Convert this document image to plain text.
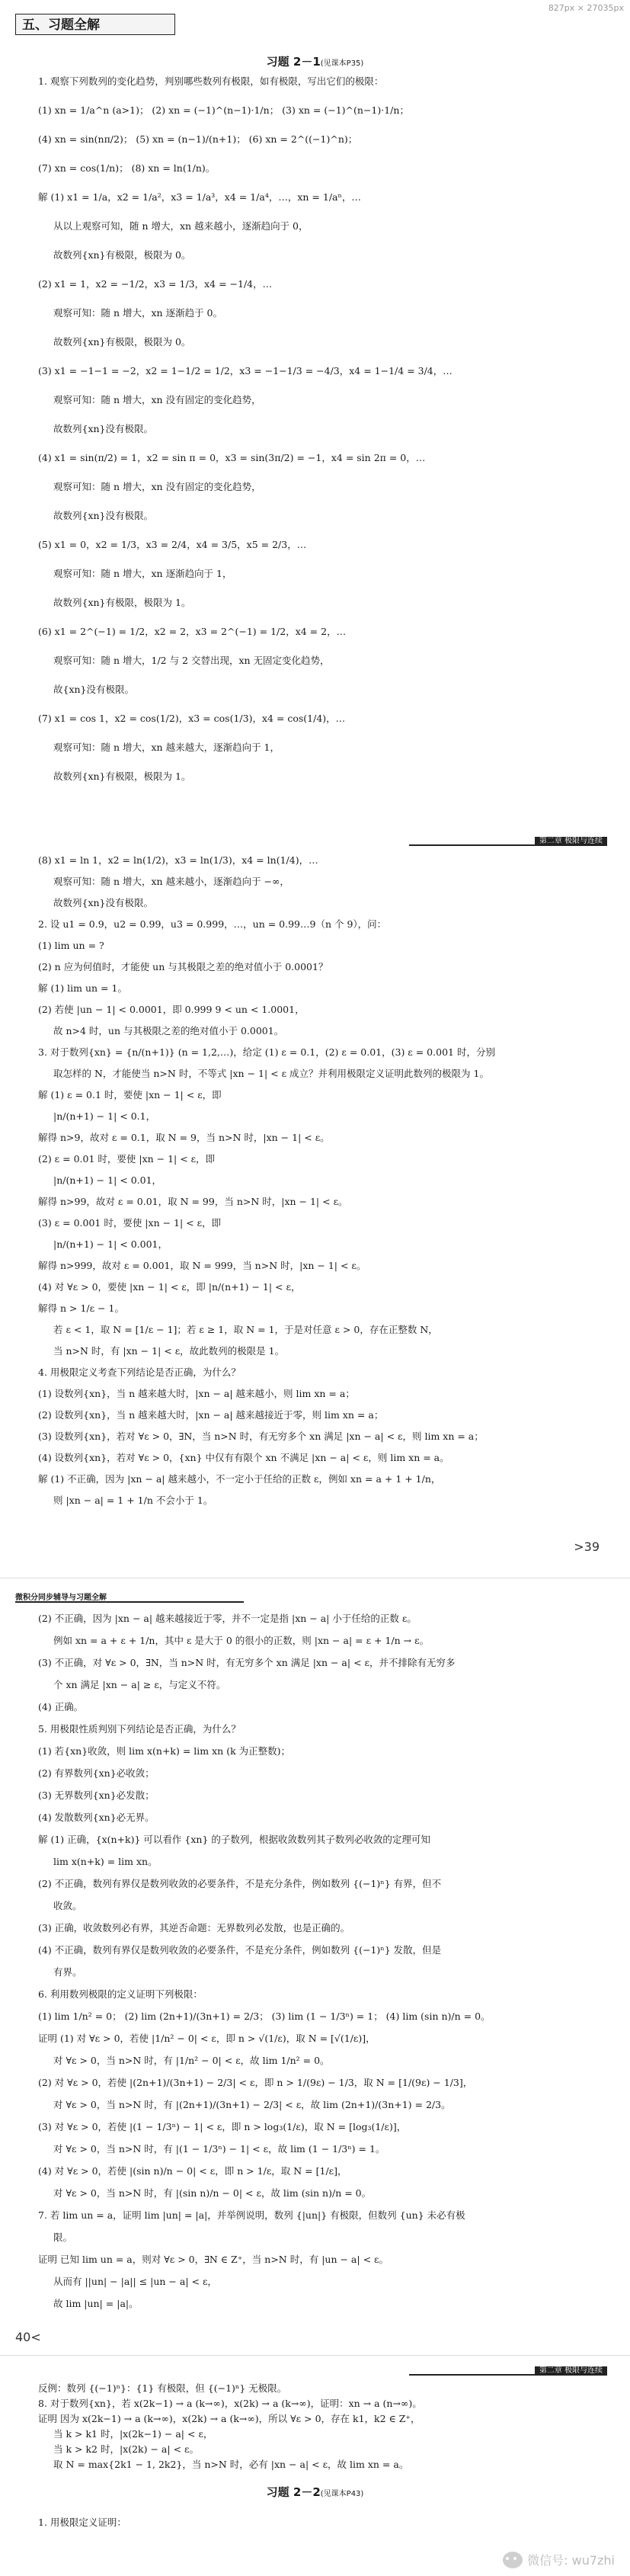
827px × 27035px
五、习题全解
习题 2－1(见课本P35)
1. 观察下列数列的变化趋势，判别哪些数列有极限，如有极限，写出它们的极限：
(1) xn = 1/a^n (a>1)； (2) xn = (−1)^(n−1)·1/n； (3) xn = (−1)^(n−1)·1/n；
(4) xn = sin(nπ/2)； (5) xn = (n−1)/(n+1)； (6) xn = 2^((−1)^n)；
(7) xn = cos(1/n)； (8) xn = ln(1/n)。
解 (1) x1 = 1/a，x2 = 1/a²，x3 = 1/a³，x4 = 1/a⁴，…，xn = 1/aⁿ，…
从以上观察可知，随 n 增大，xn 越来越小，逐渐趋向于 0，
故数列{xn}有极限，极限为 0。
(2) x1 = 1，x2 = −1/2，x3 = 1/3，x4 = −1/4，…
观察可知：随 n 增大，xn 逐渐趋于 0。
故数列{xn}有极限，极限为 0。
(3) x1 = −1−1 = −2，x2 = 1−1/2 = 1/2，x3 = −1−1/3 = −4/3，x4 = 1−1/4 = 3/4，…
观察可知：随 n 增大，xn 没有固定的变化趋势，
故数列{xn}没有极限。
(4) x1 = sin(π/2) = 1，x2 = sin π = 0，x3 = sin(3π/2) = −1，x4 = sin 2π = 0，…
观察可知：随 n 增大，xn 没有固定的变化趋势，
故数列{xn}没有极限。
(5) x1 = 0，x2 = 1/3，x3 = 2/4，x4 = 3/5，x5 = 2/3，…
观察可知：随 n 增大，xn 逐渐趋向于 1，
故数列{xn}有极限，极限为 1。
(6) x1 = 2^(−1) = 1/2，x2 = 2，x3 = 2^(−1) = 1/2，x4 = 2，…
观察可知：随 n 增大，1/2 与 2 交替出现，xn 无固定变化趋势，
故{xn}没有极限。
(7) x1 = cos 1，x2 = cos(1/2)，x3 = cos(1/3)，x4 = cos(1/4)，…
观察可知：随 n 增大，xn 越来越大，逐渐趋向于 1，
故数列{xn}有极限，极限为 1。
第二章 极限与连续
(8) x1 = ln 1，x2 = ln(1/2)，x3 = ln(1/3)，x4 = ln(1/4)，…
观察可知：随 n 增大，xn 越来越小，逐渐趋向于 −∞，
故数列{xn}没有极限。
2. 设 u1 = 0.9，u2 = 0.99，u3 = 0.999，…，un = 0.99…9（n 个 9），问：
(1) lim un = ?
(2) n 应为何值时，才能使 un 与其极限之差的绝对值小于 0.0001？
解 (1) lim un = 1。
(2) 若使 |un − 1| < 0.0001，即 0.999 9 < un < 1.0001，
故 n>4 时，un 与其极限之差的绝对值小于 0.0001。
3. 对于数列{xn} = {n/(n+1)} (n = 1,2,…)，给定 (1) ε = 0.1，(2) ε = 0.01，(3) ε = 0.001 时，分别
取怎样的 N，才能使当 n>N 时，不等式 |xn − 1| < ε 成立？并利用极限定义证明此数列的极限为 1。
解 (1) ε = 0.1 时，要使 |xn − 1| < ε，即
|n/(n+1) − 1| < 0.1，
解得 n>9，故对 ε = 0.1，取 N = 9，当 n>N 时，|xn − 1| < ε。
(2) ε = 0.01 时，要使 |xn − 1| < ε，即
|n/(n+1) − 1| < 0.01，
解得 n>99，故对 ε = 0.01，取 N = 99，当 n>N 时，|xn − 1| < ε。
(3) ε = 0.001 时，要使 |xn − 1| < ε，即
|n/(n+1) − 1| < 0.001，
解得 n>999，故对 ε = 0.001，取 N = 999，当 n>N 时，|xn − 1| < ε。
(4) 对 ∀ε > 0，要使 |xn − 1| < ε，即 |n/(n+1) − 1| < ε，
解得 n > 1/ε − 1。
若 ε < 1，取 N = [1/ε − 1]；若 ε ≥ 1，取 N = 1，于是对任意 ε > 0，存在正整数 N，
当 n>N 时，有 |xn − 1| < ε，故此数列的极限是 1。
4. 用极限定义考查下列结论是否正确，为什么？
(1) 设数列{xn}，当 n 越来越大时，|xn − a| 越来越小，则 lim xn = a；
(2) 设数列{xn}，当 n 越来越大时，|xn − a| 越来越接近于零，则 lim xn = a；
(3) 设数列{xn}，若对 ∀ε > 0，∃N，当 n>N 时，有无穷多个 xn 满足 |xn − a| < ε，则 lim xn = a；
(4) 设数列{xn}，若对 ∀ε > 0，{xn} 中仅有有限个 xn 不满足 |xn − a| < ε，则 lim xn = a。
解 (1) 不正确，因为 |xn − a| 越来越小，不一定小于任给的正数 ε，例如 xn = a + 1 + 1/n，
则 |xn − a| = 1 + 1/n 不会小于 1。
>39
微积分同步辅导与习题全解
(2) 不正确，因为 |xn − a| 越来越接近于零，并不一定是指 |xn − a| 小于任给的正数 ε。
例如 xn = a + ε + 1/n，其中 ε 是大于 0 的很小的正数，则 |xn − a| = ε + 1/n → ε。
(3) 不正确，对 ∀ε > 0，∃N，当 n>N 时，有无穷多个 xn 满足 |xn − a| < ε，并不排除有无穷多
个 xn 满足 |xn − a| ≥ ε，与定义不符。
(4) 正确。
5. 用极限性质判别下列结论是否正确，为什么？
(1) 若{xn}收敛，则 lim x(n+k) = lim xn (k 为正整数)；
(2) 有界数列{xn}必收敛；
(3) 无界数列{xn}必发散；
(4) 发散数列{xn}必无界。
解 (1) 正确，{x(n+k)} 可以看作 {xn} 的子数列，根据收敛数列其子数列必收敛的定理可知
lim x(n+k) = lim xn。
(2) 不正确，数列有界仅是数列收敛的必要条件，不是充分条件，例如数列 {(−1)ⁿ} 有界，但不
收敛。
(3) 正确，收敛数列必有界，其逆否命题：无界数列必发散，也是正确的。
(4) 不正确，数列有界仅是数列收敛的必要条件，不是充分条件，例如数列 {(−1)ⁿ} 发散，但是
有界。
6. 利用数列极限的定义证明下列极限：
(1) lim 1/n² = 0； (2) lim (2n+1)/(3n+1) = 2/3； (3) lim (1 − 1/3ⁿ) = 1； (4) lim (sin n)/n = 0。
证明 (1) 对 ∀ε > 0，若使 |1/n² − 0| < ε，即 n > √(1/ε)，取 N = [√(1/ε)]，
对 ∀ε > 0，当 n>N 时，有 |1/n² − 0| < ε，故 lim 1/n² = 0。
(2) 对 ∀ε > 0，若使 |(2n+1)/(3n+1) − 2/3| < ε，即 n > 1/(9ε) − 1/3，取 N = [1/(9ε) − 1/3]，
对 ∀ε > 0，当 n>N 时，有 |(2n+1)/(3n+1) − 2/3| < ε，故 lim (2n+1)/(3n+1) = 2/3。
(3) 对 ∀ε > 0，若使 |(1 − 1/3ⁿ) − 1| < ε，即 n > log₃(1/ε)，取 N = [log₃(1/ε)]，
对 ∀ε > 0，当 n>N 时，有 |(1 − 1/3ⁿ) − 1| < ε，故 lim (1 − 1/3ⁿ) = 1。
(4) 对 ∀ε > 0，若使 |(sin n)/n − 0| < ε，即 n > 1/ε，取 N = [1/ε]，
对 ∀ε > 0，当 n>N 时，有 |(sin n)/n − 0| < ε，故 lim (sin n)/n = 0。
7. 若 lim un = a，证明 lim |un| = |a|，并举例说明，数列 {|un|} 有极限，但数列 {un} 未必有极
限。
证明 已知 lim un = a，则对 ∀ε > 0，∃N ∈ Z⁺，当 n>N 时，有 |un − a| < ε。
从而有 ||un| − |a|| ≤ |un − a| < ε，
故 lim |un| = |a|。
40<
第二章 极限与连续
反例：数列 {(−1)ⁿ}：{1} 有极限，但 {(−1)ⁿ} 无极限。
8. 对于数列{xn}，若 x(2k−1) → a (k→∞)，x(2k) → a (k→∞)，证明：xn → a (n→∞)。
证明 因为 x(2k−1) → a (k→∞)，x(2k) → a (k→∞)，所以 ∀ε > 0，存在 k1，k2 ∈ Z⁺，
当 k > k1 时，|x(2k−1) − a| < ε，
当 k > k2 时，|x(2k) − a| < ε。
取 N = max{2k1 − 1, 2k2}，当 n>N 时，必有 |xn − a| < ε，故 lim xn = a。
习题 2－2(见课本P43)
1. 用极限定义证明：
微信号: wu7zhi
